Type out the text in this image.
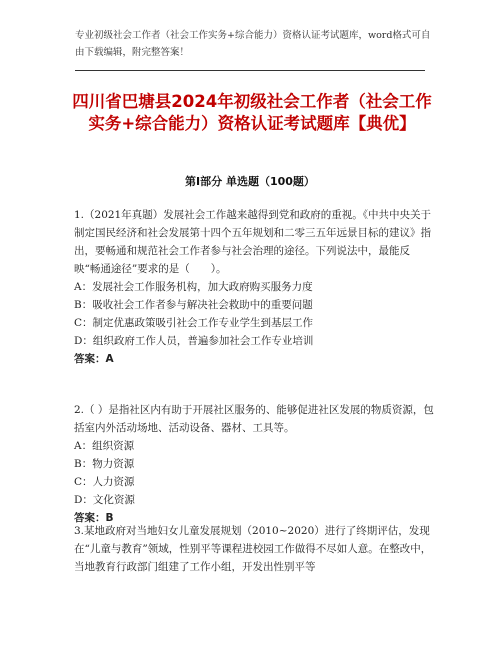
专业初级社会工作者（社会工作实务+综合能力）资格认证考试题库，word格式可自由下载编辑，附完整答案！
四川省巴塘县2024年初级社会工作者（社会工作实务+综合能力）资格认证考试题库【典优】
第Ⅰ部分 单选题（100题）

1.（2021年真题）发展社会工作越来越得到党和政府的重视。《中共中央关于制定国民经济和社会发展第十四个五年规划和二零三五年远景目标的建议》指出，要畅通和规范社会工作者参与社会治理的途径。下列说法中，最能反映“畅通途径”要求的是（　　）。

A：发展社会工作服务机构，加大政府购买服务力度

B：吸收社会工作者参与解决社会救助中的重要问题

C：制定优惠政策吸引社会工作专业学生到基层工作

D：组织政府工作人员，普遍参加社会工作专业培训

答案：A

2.（ ）是指社区内有助于开展社区服务的、能够促进社区发展的物质资源，包括室内外活动场地、活动设备、器材、工具等。

A：组织资源

B：物力资源

C：人力资源

D：文化资源

答案：B

3.某地政府对当地妇女儿童发展规划（2010~2020）进行了终期评估，发现在“儿童与教育”领域，性别平等课程进校园工作做得不尽如人意。在整改中，当地教育行政部门组建了工作小组，开发出性别平等
